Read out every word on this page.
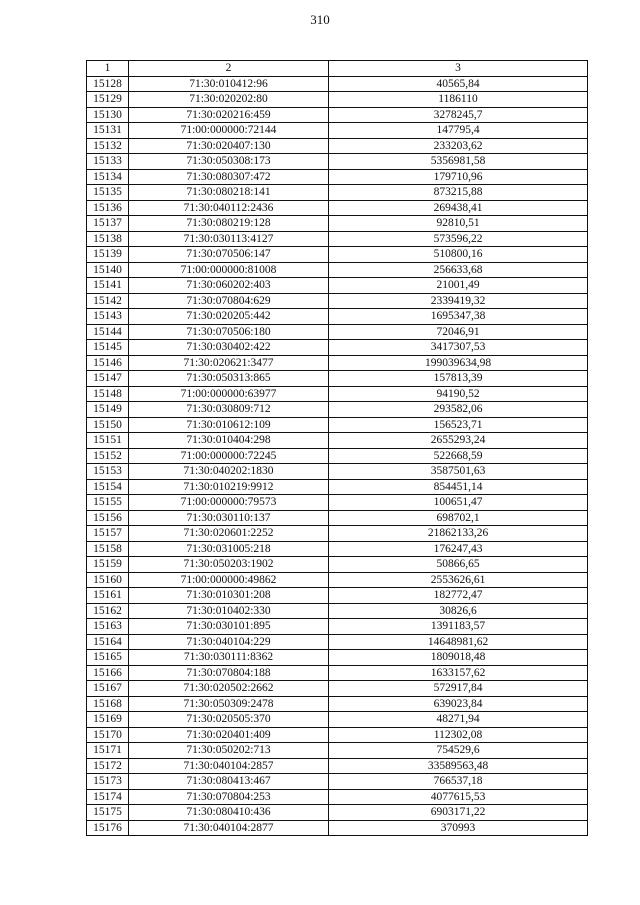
310
1	2	3
15128	71:30:010412:96	40565,84
15129	71:30:020202:80	1186110
15130	71:30:020216:459	3278245,7
15131	71:00:000000:72144	147795,4
15132	71:30:020407:130	233203,62
15133	71:30:050308:173	5356981,58
15134	71:30:080307:472	179710,96
15135	71:30:080218:141	873215,88
15136	71:30:040112:2436	269438,41
15137	71:30:080219:128	92810,51
15138	71:30:030113:4127	573596,22
15139	71:30:070506:147	510800,16
15140	71:00:000000:81008	256633,68
15141	71:30:060202:403	21001,49
15142	71:30:070804:629	2339419,32
15143	71:30:020205:442	1695347,38
15144	71:30:070506:180	72046,91
15145	71:30:030402:422	3417307,53
15146	71:30:020621:3477	199039634,98
15147	71:30:050313:865	157813,39
15148	71:00:000000:63977	94190,52
15149	71:30:030809:712	293582,06
15150	71:30:010612:109	156523,71
15151	71:30:010404:298	2655293,24
15152	71:00:000000:72245	522668,59
15153	71:30:040202:1830	3587501,63
15154	71:30:010219:9912	854451,14
15155	71:00:000000:79573	100651,47
15156	71:30:030110:137	698702,1
15157	71:30:020601:2252	21862133,26
15158	71:30:031005:218	176247,43
15159	71:30:050203:1902	50866,65
15160	71:00:000000:49862	2553626,61
15161	71:30:010301:208	182772,47
15162	71:30:010402:330	30826,6
15163	71:30:030101:895	1391183,57
15164	71:30:040104:229	14648981,62
15165	71:30:030111:8362	1809018,48
15166	71:30:070804:188	1633157,62
15167	71:30:020502:2662	572917,84
15168	71:30:050309:2478	639023,84
15169	71:30:020505:370	48271,94
15170	71:30:020401:409	112302,08
15171	71:30:050202:713	754529,6
15172	71:30:040104:2857	33589563,48
15173	71:30:080413:467	766537,18
15174	71:30:070804:253	4077615,53
15175	71:30:080410:436	6903171,22
15176	71:30:040104:2877	370993
